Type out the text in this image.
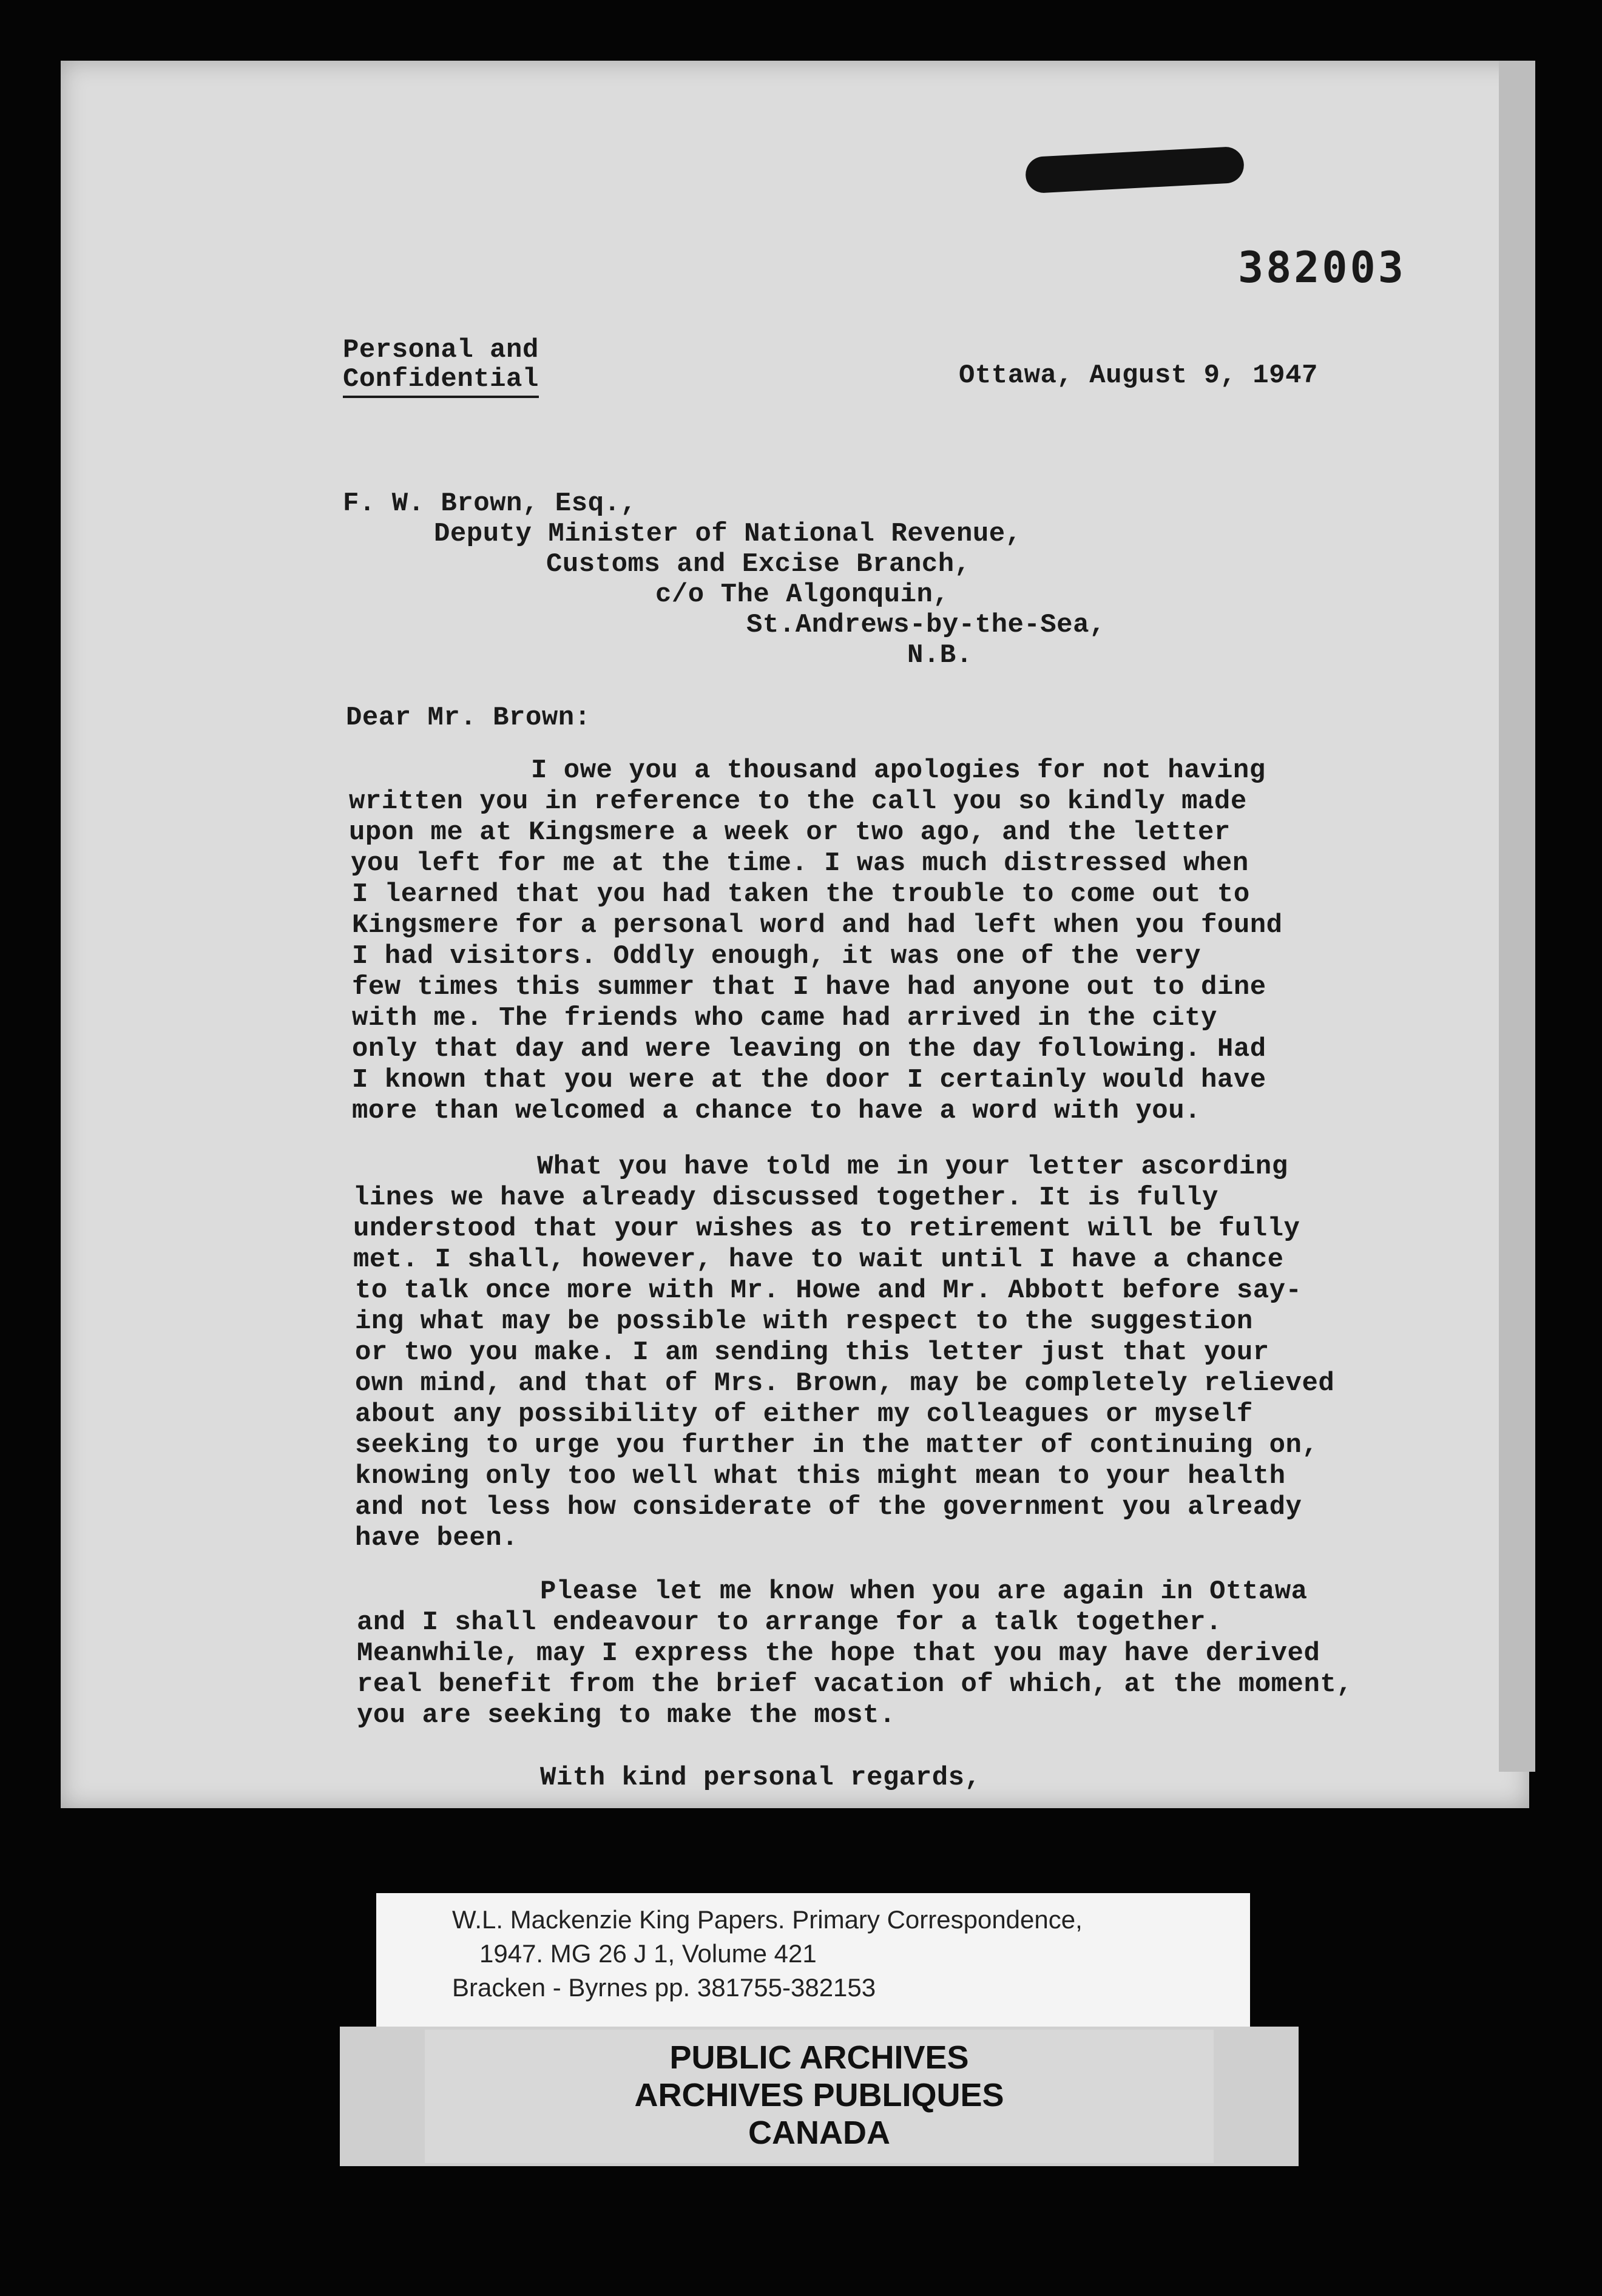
382003
Personal and
Confidential	Ottawa, August 9, 1947
F. W. Brown, Esq.,
Deputy Minister of National Revenue,
Customs and Excise Branch,
c/o The Algonquin,
St.Andrews-by-the-Sea,
N.B.
Dear Mr. Brown:
I owe you a thousand apologies for not having
written you in reference to the call you so kindly made
upon me at Kingsmere a week or two ago, and the letter
you left for me at the time. I was much distressed when
I learned that you had taken the trouble to come out to
Kingsmere for a personal word and had left when you found
I had visitors. Oddly enough, it was one of the very
few times this summer that I have had anyone out to dine
with me. The friends who came had arrived in the city
only that day and were leaving on the day following. Had
I known that you were at the door I certainly would have
more than welcomed a chance to have a word with you.
What you have told me in your letter ascording
lines we have already discussed together. It is fully
understood that your wishes as to retirement will be fully
met. I shall, however, have to wait until I have a chance
to talk once more with Mr. Howe and Mr. Abbott before say-
ing what may be possible with respect to the suggestion
or two you make. I am sending this letter just that your
own mind, and that of Mrs. Brown, may be completely relieved
about any possibility of either my colleagues or myself
seeking to urge you further in the matter of continuing on,
knowing only too well what this might mean to your health
and not less how considerate of the government you already
have been.
Please let me know when you are again in Ottawa
and I shall endeavour to arrange for a talk together.
Meanwhile, may I express the hope that you may have derived
real benefit from the brief vacation of which, at the moment,
you are seeking to make the most.
With kind personal regards,
W.L. Mackenzie King Papers. Primary Correspondence,
1947. MG 26 J 1, Volume 421
Bracken - Byrnes pp. 381755-382153
PUBLIC ARCHIVES
ARCHIVES PUBLIQUES
CANADA
